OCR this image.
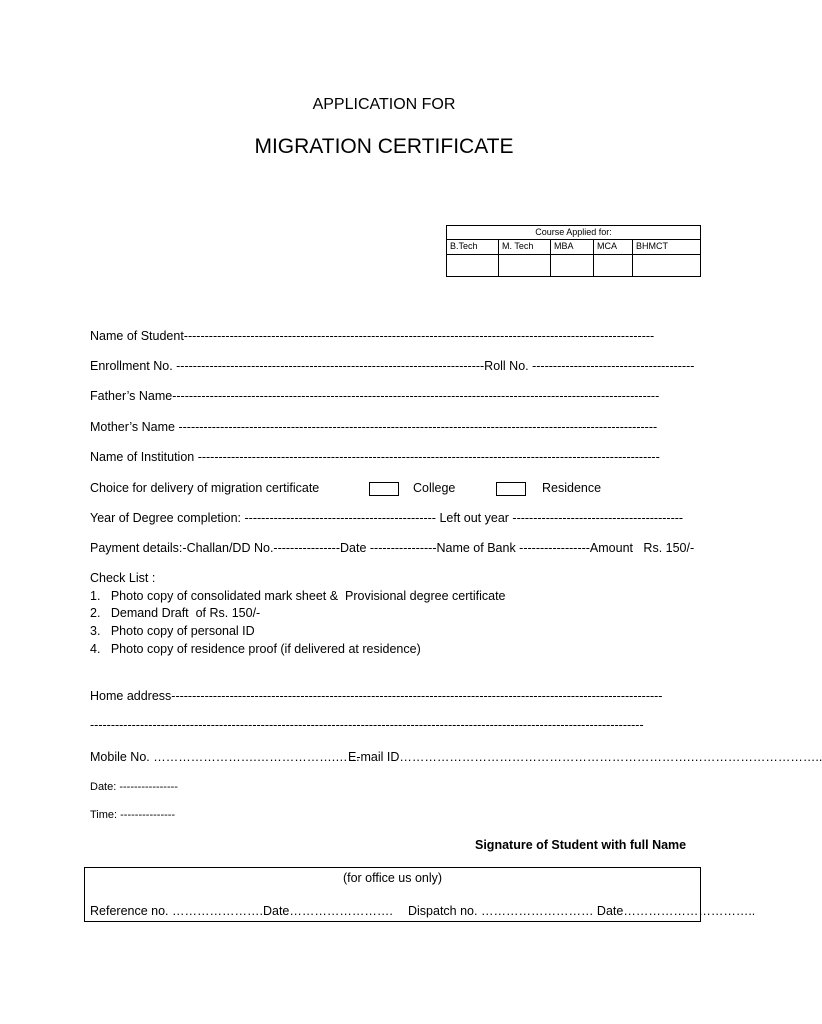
APPLICATION FOR
MIGRATION CERTIFICATE
Course Applied for:				
B.Tech	M. Tech	MBA	MCA	BHMCT

Name of Student-----------------------------------------------------------------------------------------------------------------
Enrollment No. --------------------------------------------------------------------------Roll No. ---------------------------------------
Father’s Name---------------------------------------------------------------------------------------------------------------------
Mother’s Name -------------------------------------------------------------------------------------------------------------------
Name of Institution ---------------------------------------------------------------------------------------------------------------
Choice for delivery of migration certificate	College	Residence
Year of Degree completion: ---------------------------------------------- Left out year -----------------------------------------
Payment details:-Challan/DD No.----------------Date ----------------Name of Bank -----------------Amount   Rs. 150/-
Check List :
1.   Photo copy of consolidated mark sheet &  Provisional degree certificate
2.   Demand Draft  of Rs. 150/-
3.   Photo copy of personal ID
4.   Photo copy of residence proof (if delivered at residence)
Home address----------------------------------------------------------------------------------------------------------------------
-------------------------------------------------------------------------------------------------------------------------------------
Mobile No. …………………….……………….……
E-mail ID…………………………………………………………….…………………………..
Date: ----------------
Time: ---------------
Signature of Student with full Name
(for office us only)
Reference no. ………………….Date……………………. Dispatch no. ……………………… Date…………………………..
